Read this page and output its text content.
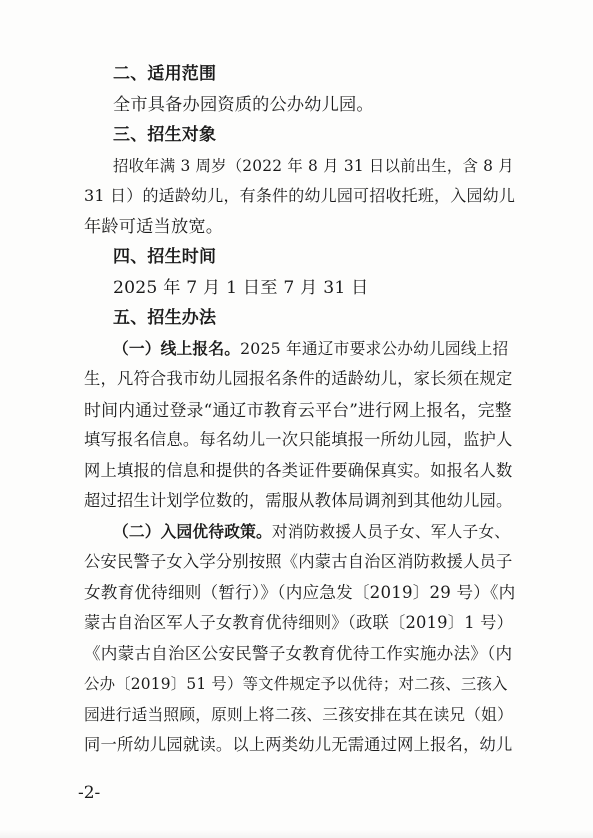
二、适用范围
全市具备办园资质的公办幼儿园。
三、招生对象
招收年满 3 周岁（2022 年 8 月 31 日以前出生，含 8 月
31 日）的适龄幼儿，有条件的幼儿园可招收托班，入园幼儿
年龄可适当放宽。
四、招生时间
2025 年 7 月 1 日至 7 月 31 日
五、招生办法
（一）线上报名。2025 年通辽市要求公办幼儿园线上招
生，凡符合我市幼儿园报名条件的适龄幼儿，家长须在规定
时间内通过登录“通辽市教育云平台”进行网上报名，完整
填写报名信息。每名幼儿一次只能填报一所幼儿园，监护人
网上填报的信息和提供的各类证件要确保真实。如报名人数
超过招生计划学位数的，需服从教体局调剂到其他幼儿园。
（二）入园优待政策。对消防救援人员子女、军人子女、
公安民警子女入学分别按照《内蒙古自治区消防救援人员子
女教育优待细则（暂行）》（内应急发〔2019〕29 号）《内
蒙古自治区军人子女教育优待细则》（政联〔2019〕1 号）
《内蒙古自治区公安民警子女教育优待工作实施办法》（内
公办〔2019〕51 号）等文件规定予以优待；对二孩、三孩入
园进行适当照顾，原则上将二孩、三孩安排在其在读兄（姐）
同一所幼儿园就读。以上两类幼儿无需通过网上报名，幼儿
-2-
